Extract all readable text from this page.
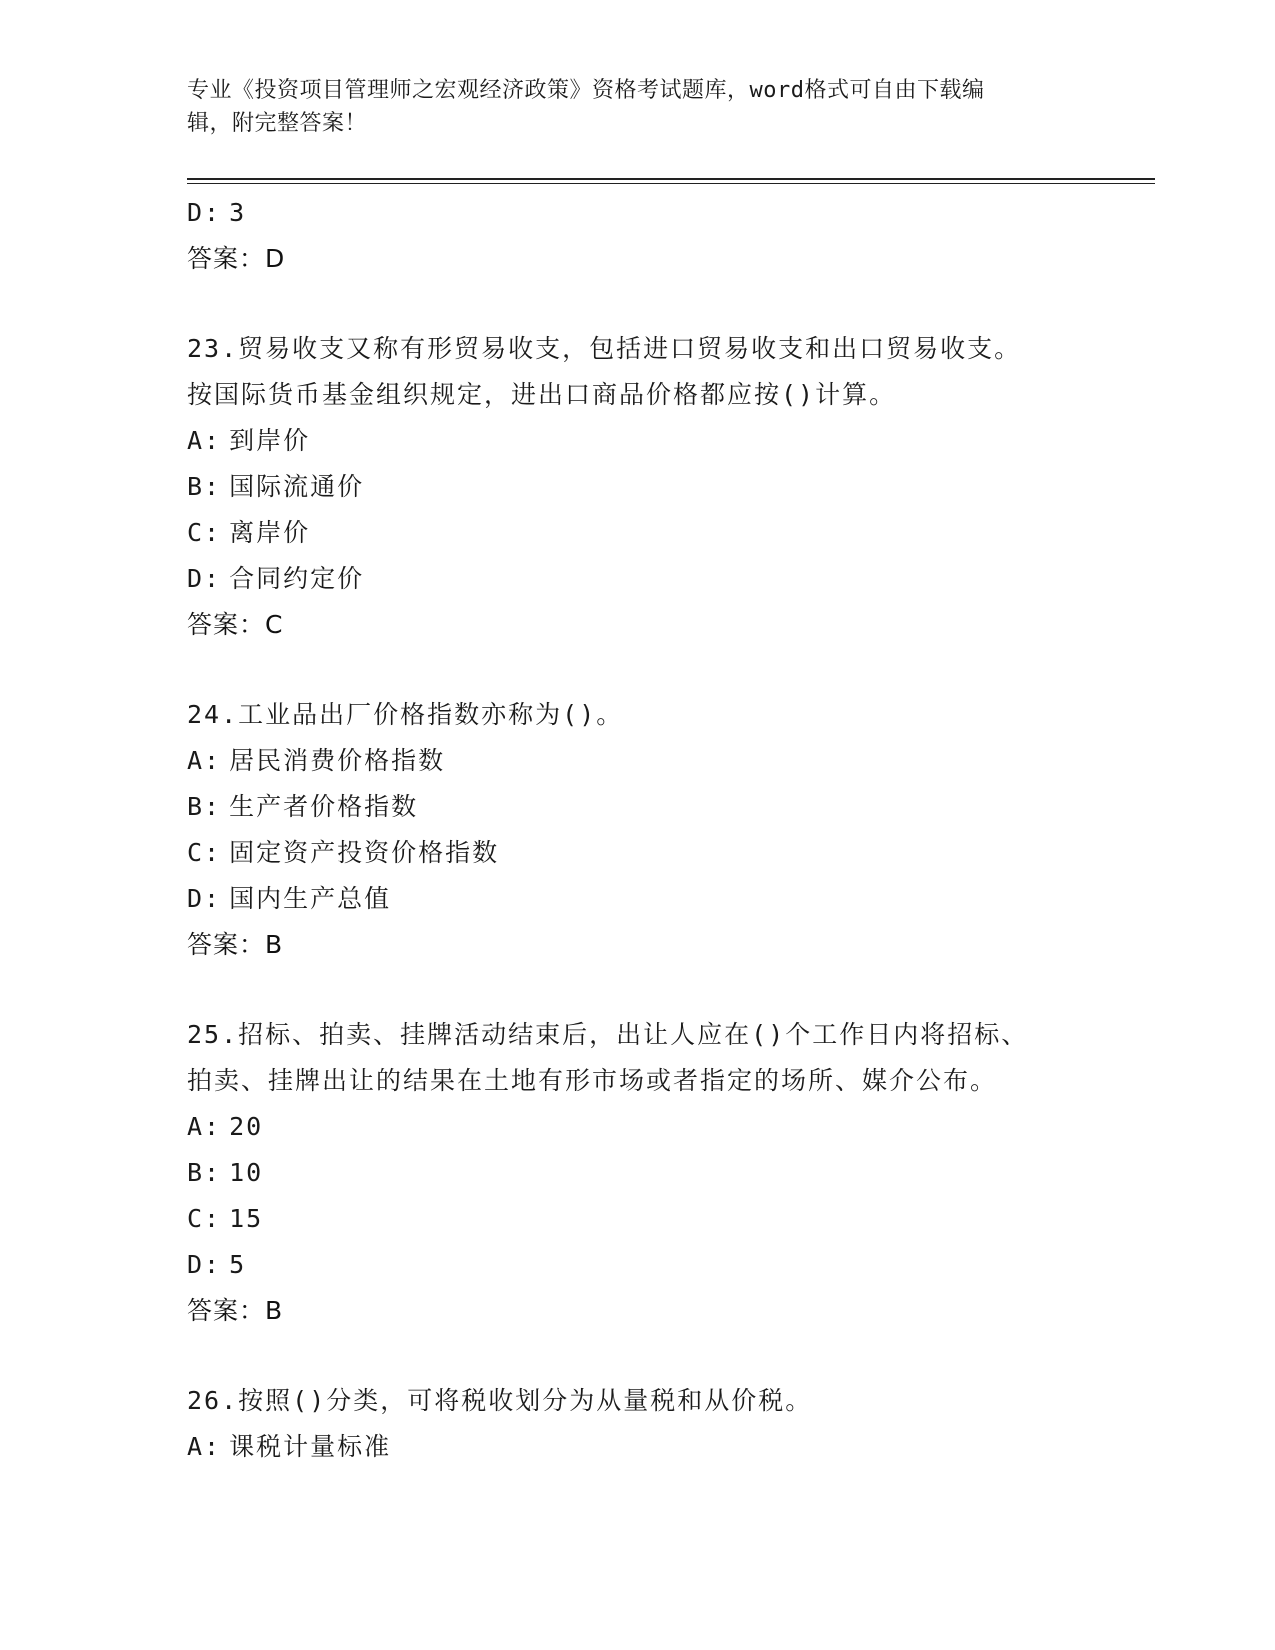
专业《投资项目管理师之宏观经济政策》资格考试题库，word格式可自由下载编
辑，附完整答案！
D: 3
答案：D
23.贸易收支又称有形贸易收支，包括进口贸易收支和出口贸易收支。
按国际货币基金组织规定，进出口商品价格都应按()计算。
A: 到岸价
B: 国际流通价
C: 离岸价
D: 合同约定价
答案：C
24.工业品出厂价格指数亦称为()。
A: 居民消费价格指数
B: 生产者价格指数
C: 固定资产投资价格指数
D: 国内生产总值
答案：B
25.招标、拍卖、挂牌活动结束后，出让人应在()个工作日内将招标、
拍卖、挂牌出让的结果在土地有形市场或者指定的场所、媒介公布。
A: 20
B: 10
C: 15
D: 5
答案：B
26.按照()分类，可将税收划分为从量税和从价税。
A: 课税计量标准
